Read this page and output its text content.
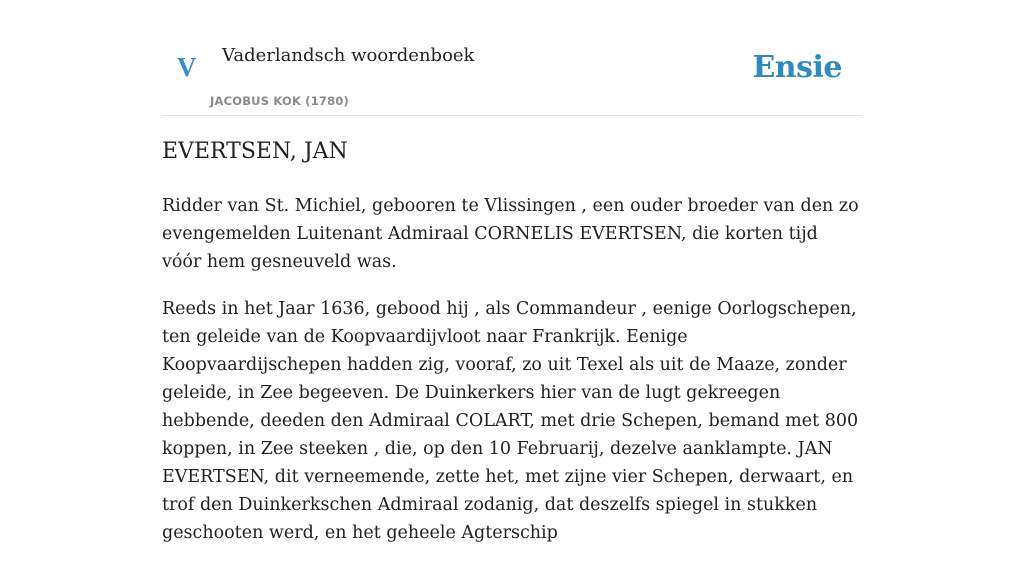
V Vaderlandsch woordenboek
JACOBUS KOK (1780)
Ensie
EVERTSEN, JAN

Ridder van St. Michiel, gebooren te Vlissingen , een ouder broeder van den zo evengemelden Luitenant Admiraal CORNELIS EVERTSEN, die korten tijd vóór hem gesneuveld was.

Reeds in het Jaar 1636, gebood hij , als Commandeur , eenige Oorlogschepen, ten geleide van de Koopvaardijvloot naar Frankrijk. Eenige Koopvaardijschepen hadden zig, vooraf, zo uit Texel als uit de Maaze, zonder geleide, in Zee begeeven. De Duinkerkers hier van de lugt gekreegen hebbende, deeden den Admiraal COLART, met drie Schepen, bemand met 800 koppen, in Zee steeken , die, op den 10 Februarij, dezelve aanklampte. JAN EVERTSEN, dit verneemende, zette het, met zijne vier Schepen, derwaart, en trof den Duinkerkschen Admiraal zodanig, dat deszelfs spiegel in stukken geschooten werd, en het geheele Agterschip
